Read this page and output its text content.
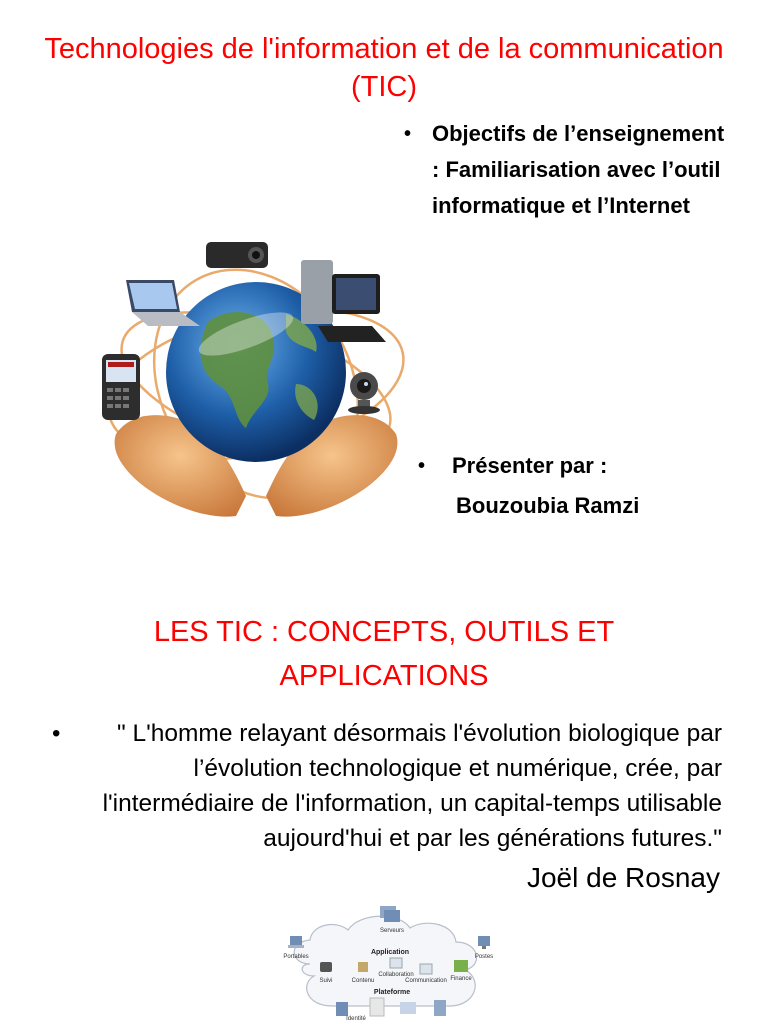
Technologies de l'information et de la communication (TIC)
• Objectifs de l’enseignement : Familiarisation avec l’outil informatique et l’Internet
• Présenter par :
Bouzoubia Ramzi
LES TIC : CONCEPTS, OUTILS ET APPLICATIONS
•	" L'homme relayant désormais l'évolution biologique par l’évolution technologique et numérique, crée, par l'intermédiaire de l'information, un capital-temps utilisable aujourd'hui et par les générations futures."
Joël de Rosnay
Serveurs
Portables	Postes
Application
Collaboration
Suivi	Contenu	Communication Finance
Plateforme
Identité
